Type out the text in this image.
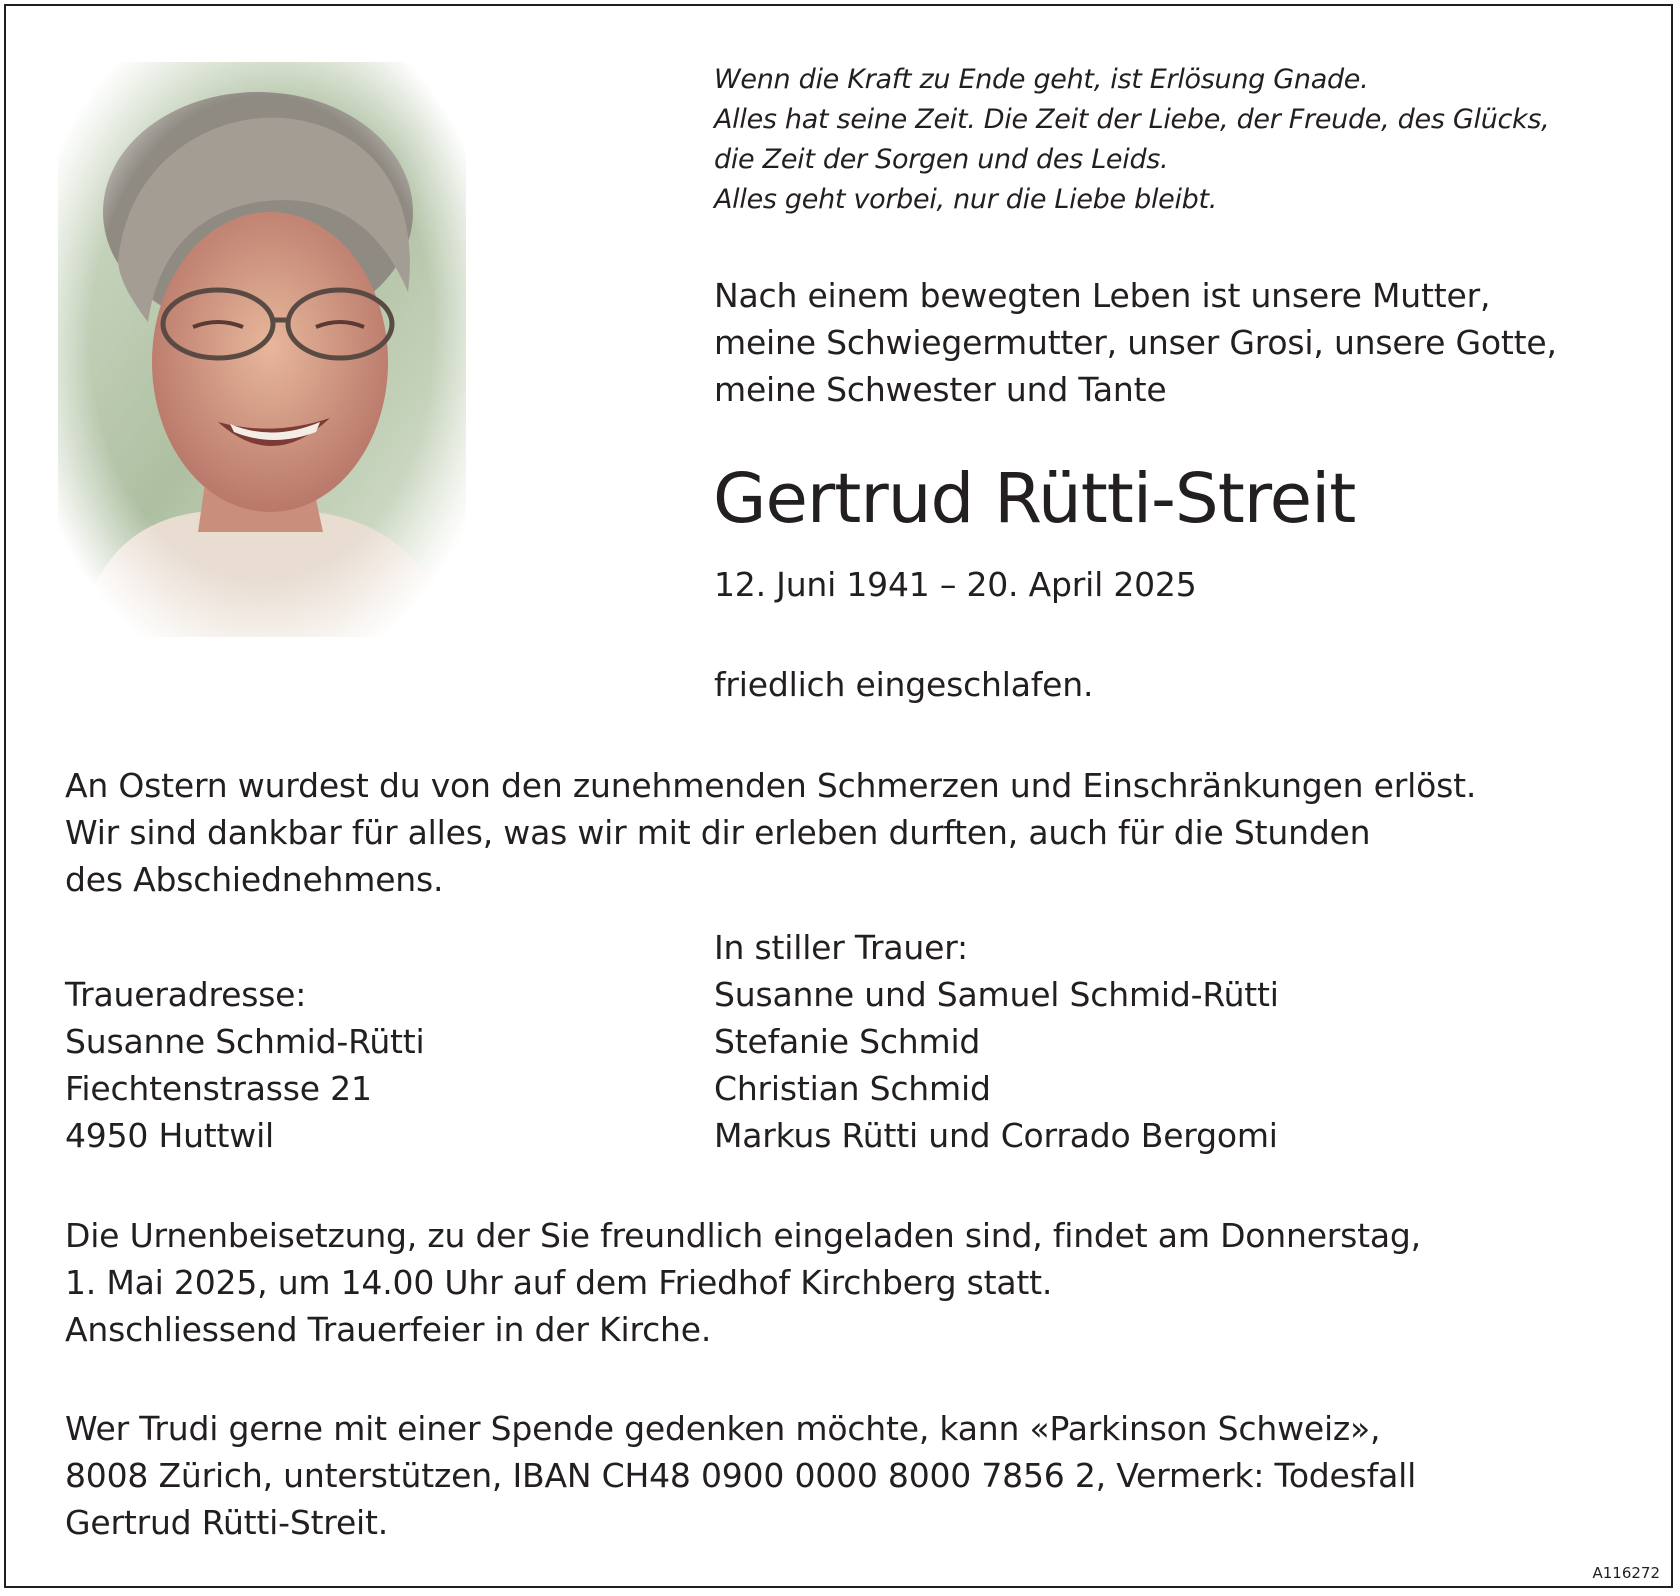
Wenn die Kraft zu Ende geht, ist Erlösung Gnade.
Alles hat seine Zeit. Die Zeit der Liebe, der Freude, des Glücks,
die Zeit der Sorgen und des Leids.
Alles geht vorbei, nur die Liebe bleibt.
Nach einem bewegten Leben ist unsere Mutter,
meine Schwiegermutter, unser Grosi, unsere Gotte,
meine Schwester und Tante
Gertrud Rütti-Streit
12. Juni 1941 – 20. April 2025
friedlich eingeschlafen.
An Ostern wurdest du von den zunehmenden Schmerzen und Einschränkungen erlöst.
Wir sind dankbar für alles, was wir mit dir erleben durften, auch für die Stunden
des Abschiednehmens.
In stiller Trauer:
Susanne und Samuel Schmid-Rütti
Stefanie Schmid
Christian Schmid
Markus Rütti und Corrado Bergomi
Traueradresse:
Susanne Schmid-Rütti
Fiechtenstrasse 21
4950 Huttwil
Die Urnenbeisetzung, zu der Sie freundlich eingeladen sind, findet am Donnerstag,
1. Mai 2025, um 14.00 Uhr auf dem Friedhof Kirchberg statt.
Anschliessend Trauerfeier in der Kirche.
Wer Trudi gerne mit einer Spende gedenken möchte, kann «Parkinson Schweiz»,
8008 Zürich, unterstützen, IBAN CH48 0900 0000 8000 7856 2, Vermerk: Todesfall
Gertrud Rütti-Streit.
A116272
